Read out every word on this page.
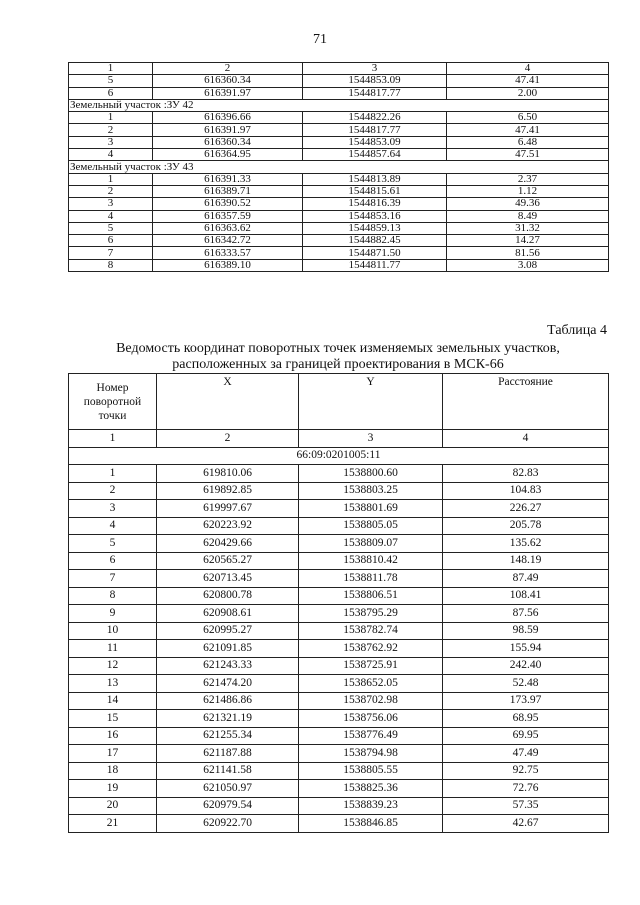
71
1	2	3	4
5	616360.34	1544853.09	47.41
6	616391.97	1544817.77	2.00
Земельный участок :ЗУ 42			
1	616396.66	1544822.26	6.50
2	616391.97	1544817.77	47.41
3	616360.34	1544853.09	6.48
4	616364.95	1544857.64	47.51
Земельный участок :ЗУ 43			
1	616391.33	1544813.89	2.37
2	616389.71	1544815.61	1.12
3	616390.52	1544816.39	49.36
4	616357.59	1544853.16	8.49
5	616363.62	1544859.13	31.32
6	616342.72	1544882.45	14.27
7	616333.57	1544871.50	81.56
8	616389.10	1544811.77	3.08
Таблица 4
Ведомость координат поворотных точек изменяемых земельных участков,
расположенных за границей проектирования в МСК-66
Номер
поворотной
точки	X	Y	Расстояние
1	2	3	4
66:09:0201005:11			
1	619810.06	1538800.60	82.83
2	619892.85	1538803.25	104.83
3	619997.67	1538801.69	226.27
4	620223.92	1538805.05	205.78
5	620429.66	1538809.07	135.62
6	620565.27	1538810.42	148.19
7	620713.45	1538811.78	87.49
8	620800.78	1538806.51	108.41
9	620908.61	1538795.29	87.56
10	620995.27	1538782.74	98.59
11	621091.85	1538762.92	155.94
12	621243.33	1538725.91	242.40
13	621474.20	1538652.05	52.48
14	621486.86	1538702.98	173.97
15	621321.19	1538756.06	68.95
16	621255.34	1538776.49	69.95
17	621187.88	1538794.98	47.49
18	621141.58	1538805.55	92.75
19	621050.97	1538825.36	72.76
20	620979.54	1538839.23	57.35
21	620922.70	1538846.85	42.67
